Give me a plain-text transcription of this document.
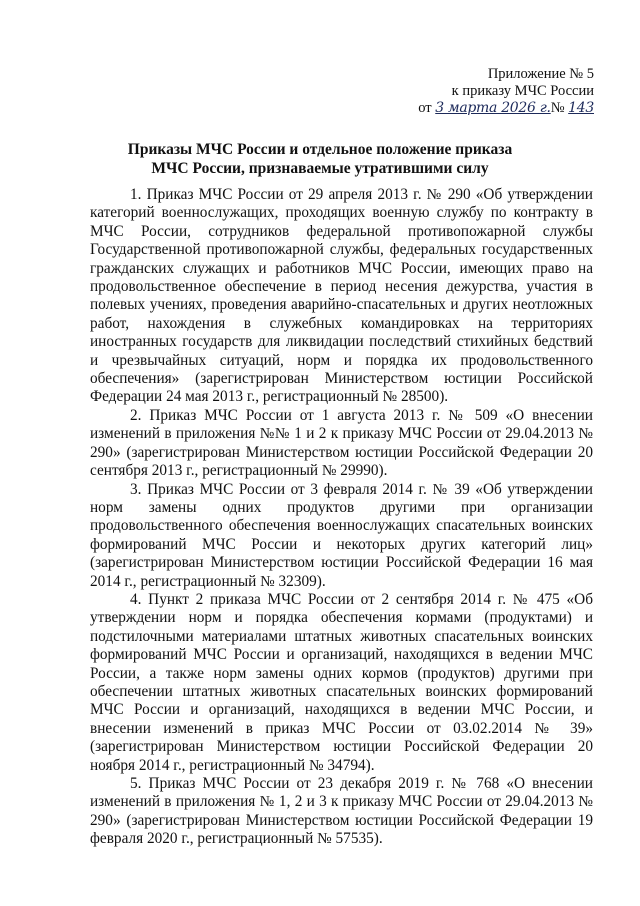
Приложение № 5
к приказу МЧС России
от 3 марта 2026 г.№ 143
Приказы МЧС России и отдельное положение приказа
МЧС России, признаваемые утратившими силу

1. Приказ МЧС России от 29 апреля 2013 г. № 290 «Об утверждении категорий военнослужащих, проходящих военную службу по контракту в МЧС России, сотрудников федеральной противопожарной службы Государственной противопожарной службы, федеральных государственных гражданских служащих и работников МЧС России, имеющих право на продовольственное обеспечение в период несения дежурства, участия в полевых учениях, проведения аварийно-спасательных и других неотложных работ, нахождения в служебных командировках на территориях иностранных государств для ликвидации последствий стихийных бедствий и чрезвычайных ситуаций, норм и порядка их продовольственного обеспечения» (зарегистрирован Министерством юстиции Российской Федерации 24 мая 2013 г., регистрационный № 28500).

2. Приказ МЧС России от 1 августа 2013 г. № 509 «О внесении изменений в приложения №№ 1 и 2 к приказу МЧС России от 29.04.2013 № 290» (зарегистрирован Министерством юстиции Российской Федерации 20 сентября 2013 г., регистрационный № 29990).

3. Приказ МЧС России от 3 февраля 2014 г. № 39 «Об утверждении норм замены одних продуктов другими при организации продовольственного обеспечения военнослужащих спасательных воинских формирований МЧС России и некоторых других категорий лиц» (зарегистрирован Министерством юстиции Российской Федерации 16 мая 2014 г., регистрационный № 32309).

4. Пункт 2 приказа МЧС России от 2 сентября 2014 г. № 475 «Об утверждении норм и порядка обеспечения кормами (продуктами) и подстилочными материалами штатных животных спасательных воинских формирований МЧС России и организаций, находящихся в ведении МЧС России, а также норм замены одних кормов (продуктов) другими при обеспечении штатных животных спасательных воинских формирований МЧС России и организаций, находящихся в ведении МЧС России, и внесении изменений в приказ МЧС России от 03.02.2014 № 39» (зарегистрирован Министерством юстиции Российской Федерации 20 ноября 2014 г., регистрационный № 34794).

5. Приказ МЧС России от 23 декабря 2019 г. № 768 «О внесении изменений в приложения № 1, 2 и 3 к приказу МЧС России от 29.04.2013 № 290» (зарегистрирован Министерством юстиции Российской Федерации 19 февраля 2020 г., регистрационный № 57535).
